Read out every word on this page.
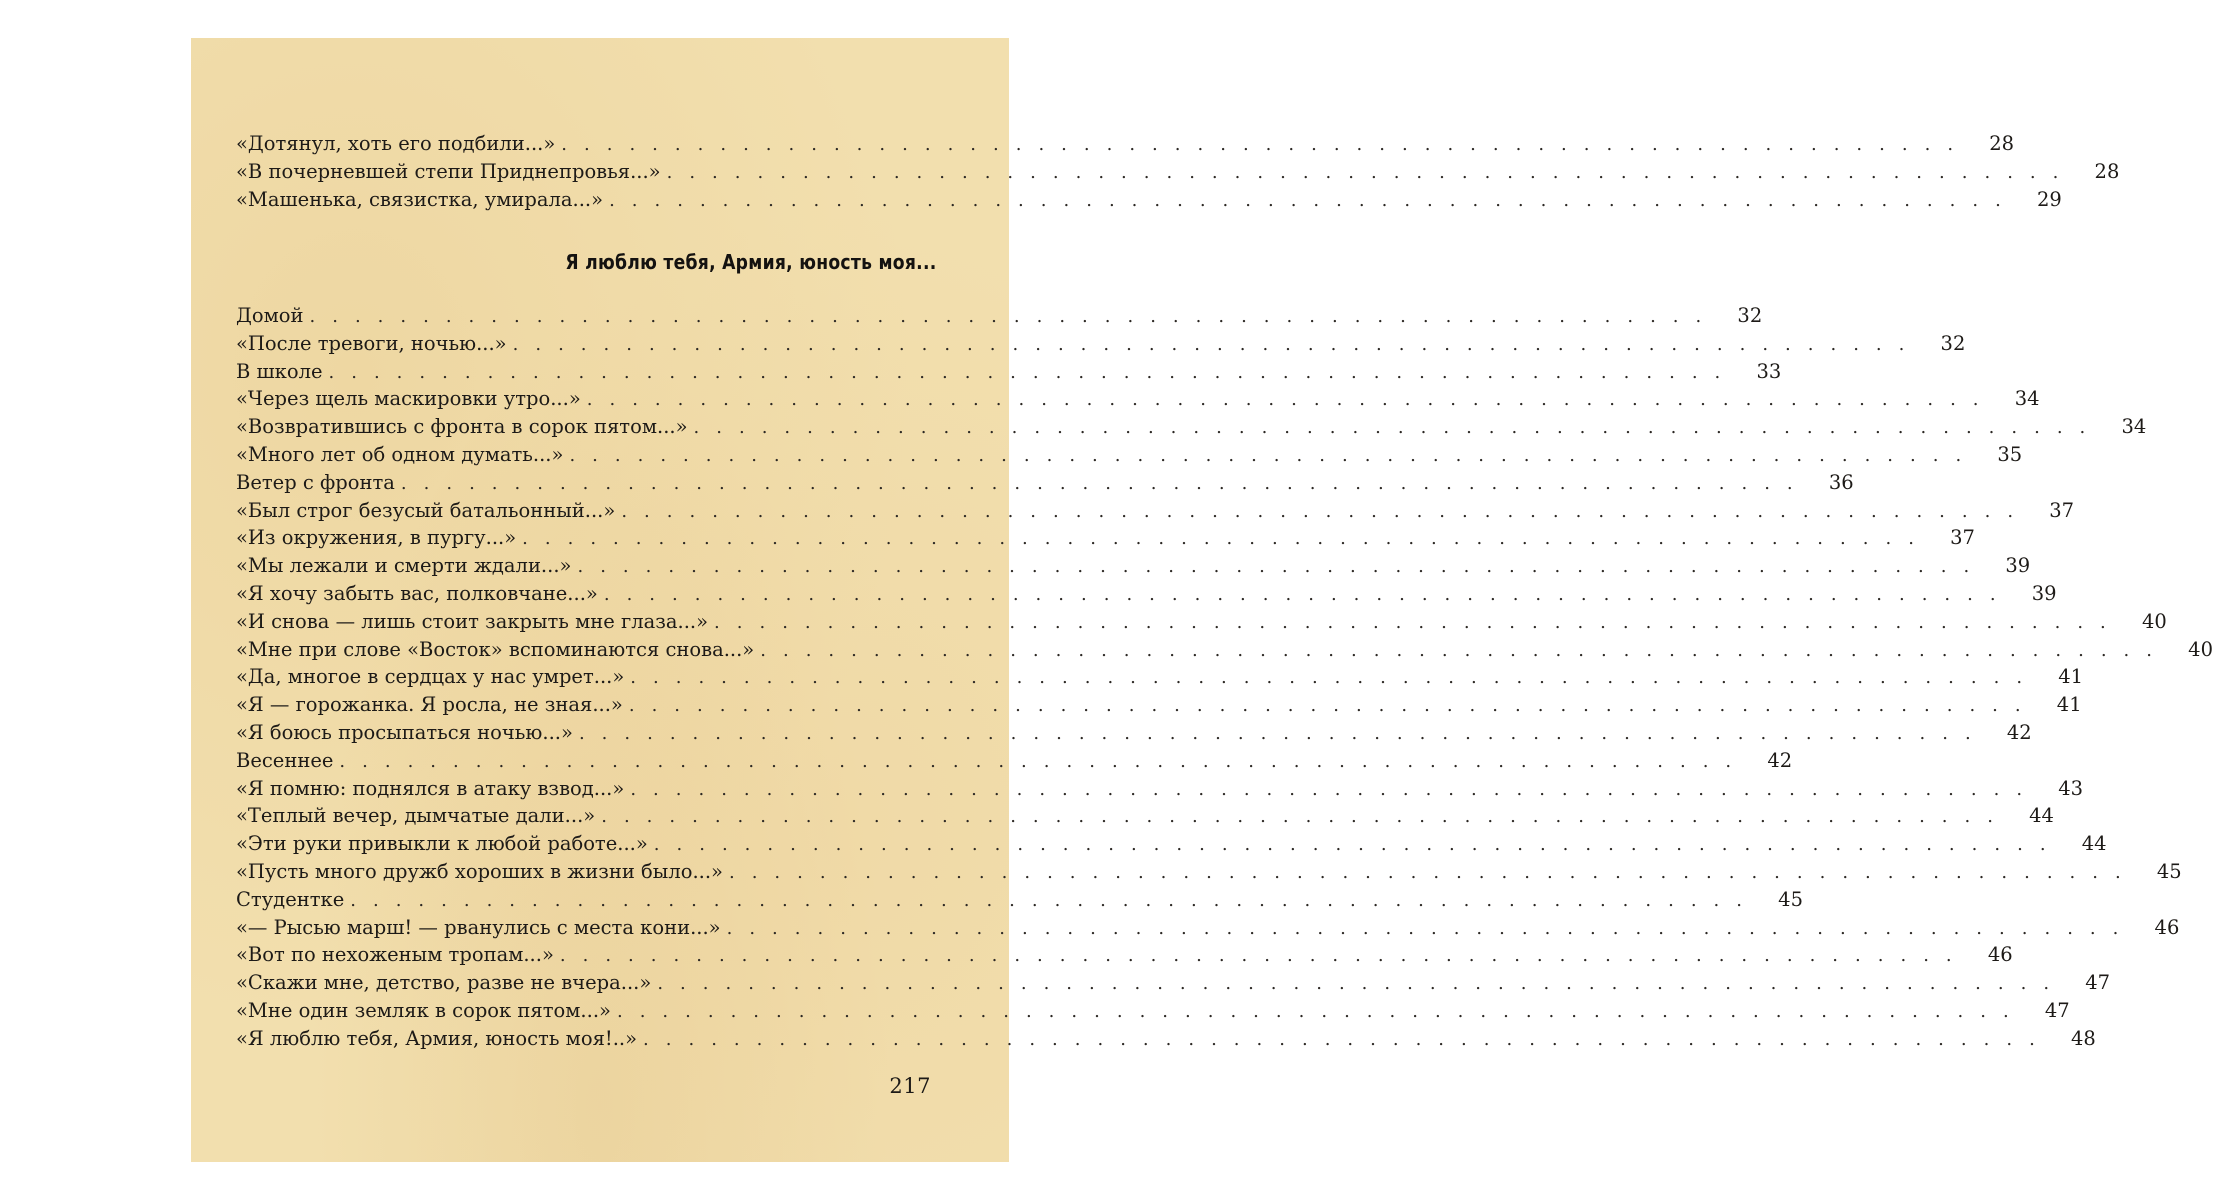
«Дотянул, хоть его подбили...» .............................................................. 28
«В почерневшей степи Приднепровья...» .............................................................. 28
«Машенька, связистка, умирала...» .............................................................. 29
Я люблю тебя, Армия, юность моя...
Домой .............................................................. 32
«После тревоги, ночью...» .............................................................. 32
В школе .............................................................. 33
«Через щель маскировки утро...» .............................................................. 34
«Возвратившись с фронта в сорок пятом...» .............................................................. 34
«Много лет об одном думать...» .............................................................. 35
Ветер с фронта .............................................................. 36
«Был строг безусый батальонный...» .............................................................. 37
«Из окружения, в пургу...» .............................................................. 37
«Мы лежали и смерти ждали...» .............................................................. 39
«Я хочу забыть вас, полковчане...» .............................................................. 39
«И снова — лишь стоит закрыть мне глаза...» .............................................................. 40
«Мне при слове «Восток» вспоминаются снова...» .............................................................. 40
«Да, многое в сердцах у нас умрет...» .............................................................. 41
«Я — горожанка. Я росла, не зная...» .............................................................. 41
«Я боюсь просыпаться ночью...» .............................................................. 42
Весеннее .............................................................. 42
«Я помню: поднялся в атаку взвод...» .............................................................. 43
«Теплый вечер, дымчатые дали...» .............................................................. 44
«Эти руки привыкли к любой работе...» .............................................................. 44
«Пусть много дружб хороших в жизни было...» .............................................................. 45
Студентке .............................................................. 45
«— Рысью марш! — рванулись с места кони...» .............................................................. 46
«Вот по нехоженым тропам...» .............................................................. 46
«Скажи мне, детство, разве не вчера...» .............................................................. 47
«Мне один земляк в сорок пятом...» .............................................................. 47
«Я люблю тебя, Армия, юность моя!..» .............................................................. 48
217
